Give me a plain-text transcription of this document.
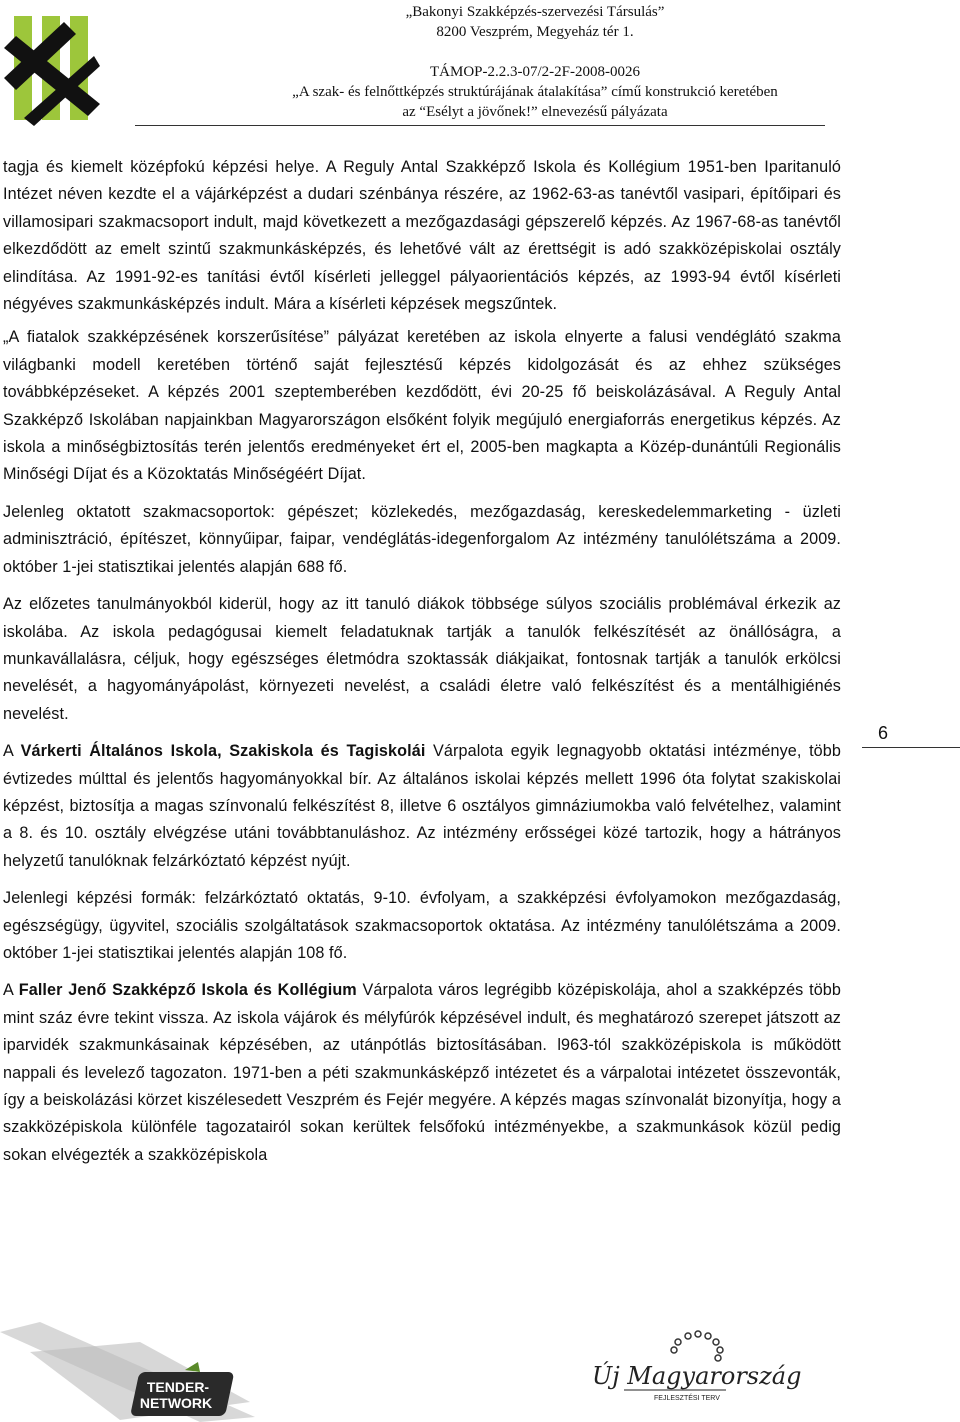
„Bakonyi Szakképzés-szervezési Társulás”
8200 Veszprém, Megyeház tér 1.
TÁMOP-2.2.3-07/2-2F-2008-0026
„A szak- és felnőttképzés struktúrájának átalakítása” című konstrukció keretében
az “Esélyt a jövőnek!” elnevezésű pályázata

tagja és kiemelt középfokú képzési helye. A Reguly Antal Szakképző Iskola és Kollégium 1951-ben Iparitanuló Intézet néven kezdte el a vájárképzést a dudari szénbánya részére, az 1962-63-as tanévtől vasipari, építőipari és villamosipari szakmacsoport indult, majd következett a mezőgazdasági gépszerelő képzés. Az 1967-68-as tanévtől elkezdődött az emelt szintű szakmunkásképzés, és lehetővé vált az érettségit is adó szakközépiskolai osztály elindítása. Az 1991-92-es tanítási évtől kísérleti jelleggel pályaorientációs képzés, az 1993-94 évtől kísérleti négyéves szakmunkásképzés indult. Mára a kísérleti képzések megszűntek.

„A fiatalok szakképzésének korszerűsítése” pályázat keretében az iskola elnyerte a falusi vendéglátó szakma világbanki modell keretében történő saját fejlesztésű képzés kidolgozását és az ehhez szükséges továbbképzéseket. A képzés 2001 szeptemberében kezdődött, évi 20-25 fő beiskolázásával. A Reguly Antal Szakképző Iskolában napjainkban Magyarországon elsőként folyik megújuló energiaforrás energetikus képzés. Az iskola a minőségbiztosítás terén jelentős eredményeket ért el, 2005-ben magkapta a Közép-dunántúli Regionális Minőségi Díjat és a Közoktatás Minőségéért Díjat.

Jelenleg oktatott szakmacsoportok: gépészet; közlekedés, mezőgazdaság, kereskedelemmarketing - üzleti adminisztráció, építészet, könnyűipar, faipar, vendéglátás-idegenforgalom Az intézmény tanulólétszáma a 2009. október 1-jei statisztikai jelentés alapján 688 fő.

Az előzetes tanulmányokból kiderül, hogy az itt tanuló diákok többsége súlyos szociális problémával érkezik az iskolába. Az iskola pedagógusai kiemelt feladatuknak tartják a tanulók felkészítését az önállóságra, a munkavállalásra, céljuk, hogy egészséges életmódra szoktassák diákjaikat, fontosnak tartják a tanulók erkölcsi nevelését, a hagyományápolást, környezeti nevelést, a családi életre való felkészítést és a mentálhigiénés nevelést.

A Várkerti Általános Iskola, Szakiskola és Tagiskolái Várpalota egyik legnagyobb oktatási intézménye, több évtizedes múlttal és jelentős hagyományokkal bír. Az általános iskolai képzés mellett 1996 óta folytat szakiskolai képzést, biztosítja a magas színvonalú felkészítést 8, illetve 6 osztályos gimnáziumokba való felvételhez, valamint a 8. és 10. osztály elvégzése utáni továbbtanuláshoz. Az intézmény erősségei közé tartozik, hogy a hátrányos helyzetű tanulóknak felzárkóztató képzést nyújt.

Jelenlegi képzési formák: felzárkóztató oktatás, 9-10. évfolyam, a szakképzési évfolyamokon mezőgazdaság, egészségügy, ügyvitel, szociális szolgáltatások szakmacsoportok oktatása. Az intézmény tanulólétszáma a 2009. október 1-jei statisztikai jelentés alapján 108 fő.

A Faller Jenő Szakképző Iskola és Kollégium Várpalota város legrégibb középiskolája, ahol a szakképzés több mint száz évre tekint vissza. Az iskola vájárok és mélyfúrók képzésével indult, és meghatározó szerepet játszott az iparvidék szakmunkásainak képzésében, az utánpótlás biztosításában. l963-tól szakközépiskola is működött nappali és levelező tagozaton. 1971-ben a péti szakmunkásképző intézetet és a várpalotai intézetet összevonták, így a beiskolázási körzet kiszélesedett Veszprém és Fejér megyére. A képzés magas színvonalát bizonyítja, hogy a szakközépiskola különféle tagozatairól sokan kerültek felsőfokú intézményekbe, a szakmunkások közül pedig sokan elvégezték a szakközépiskola

6
TENDER-
NETWORK
Új Magyarország
FEJLESZTÉSI TERV
